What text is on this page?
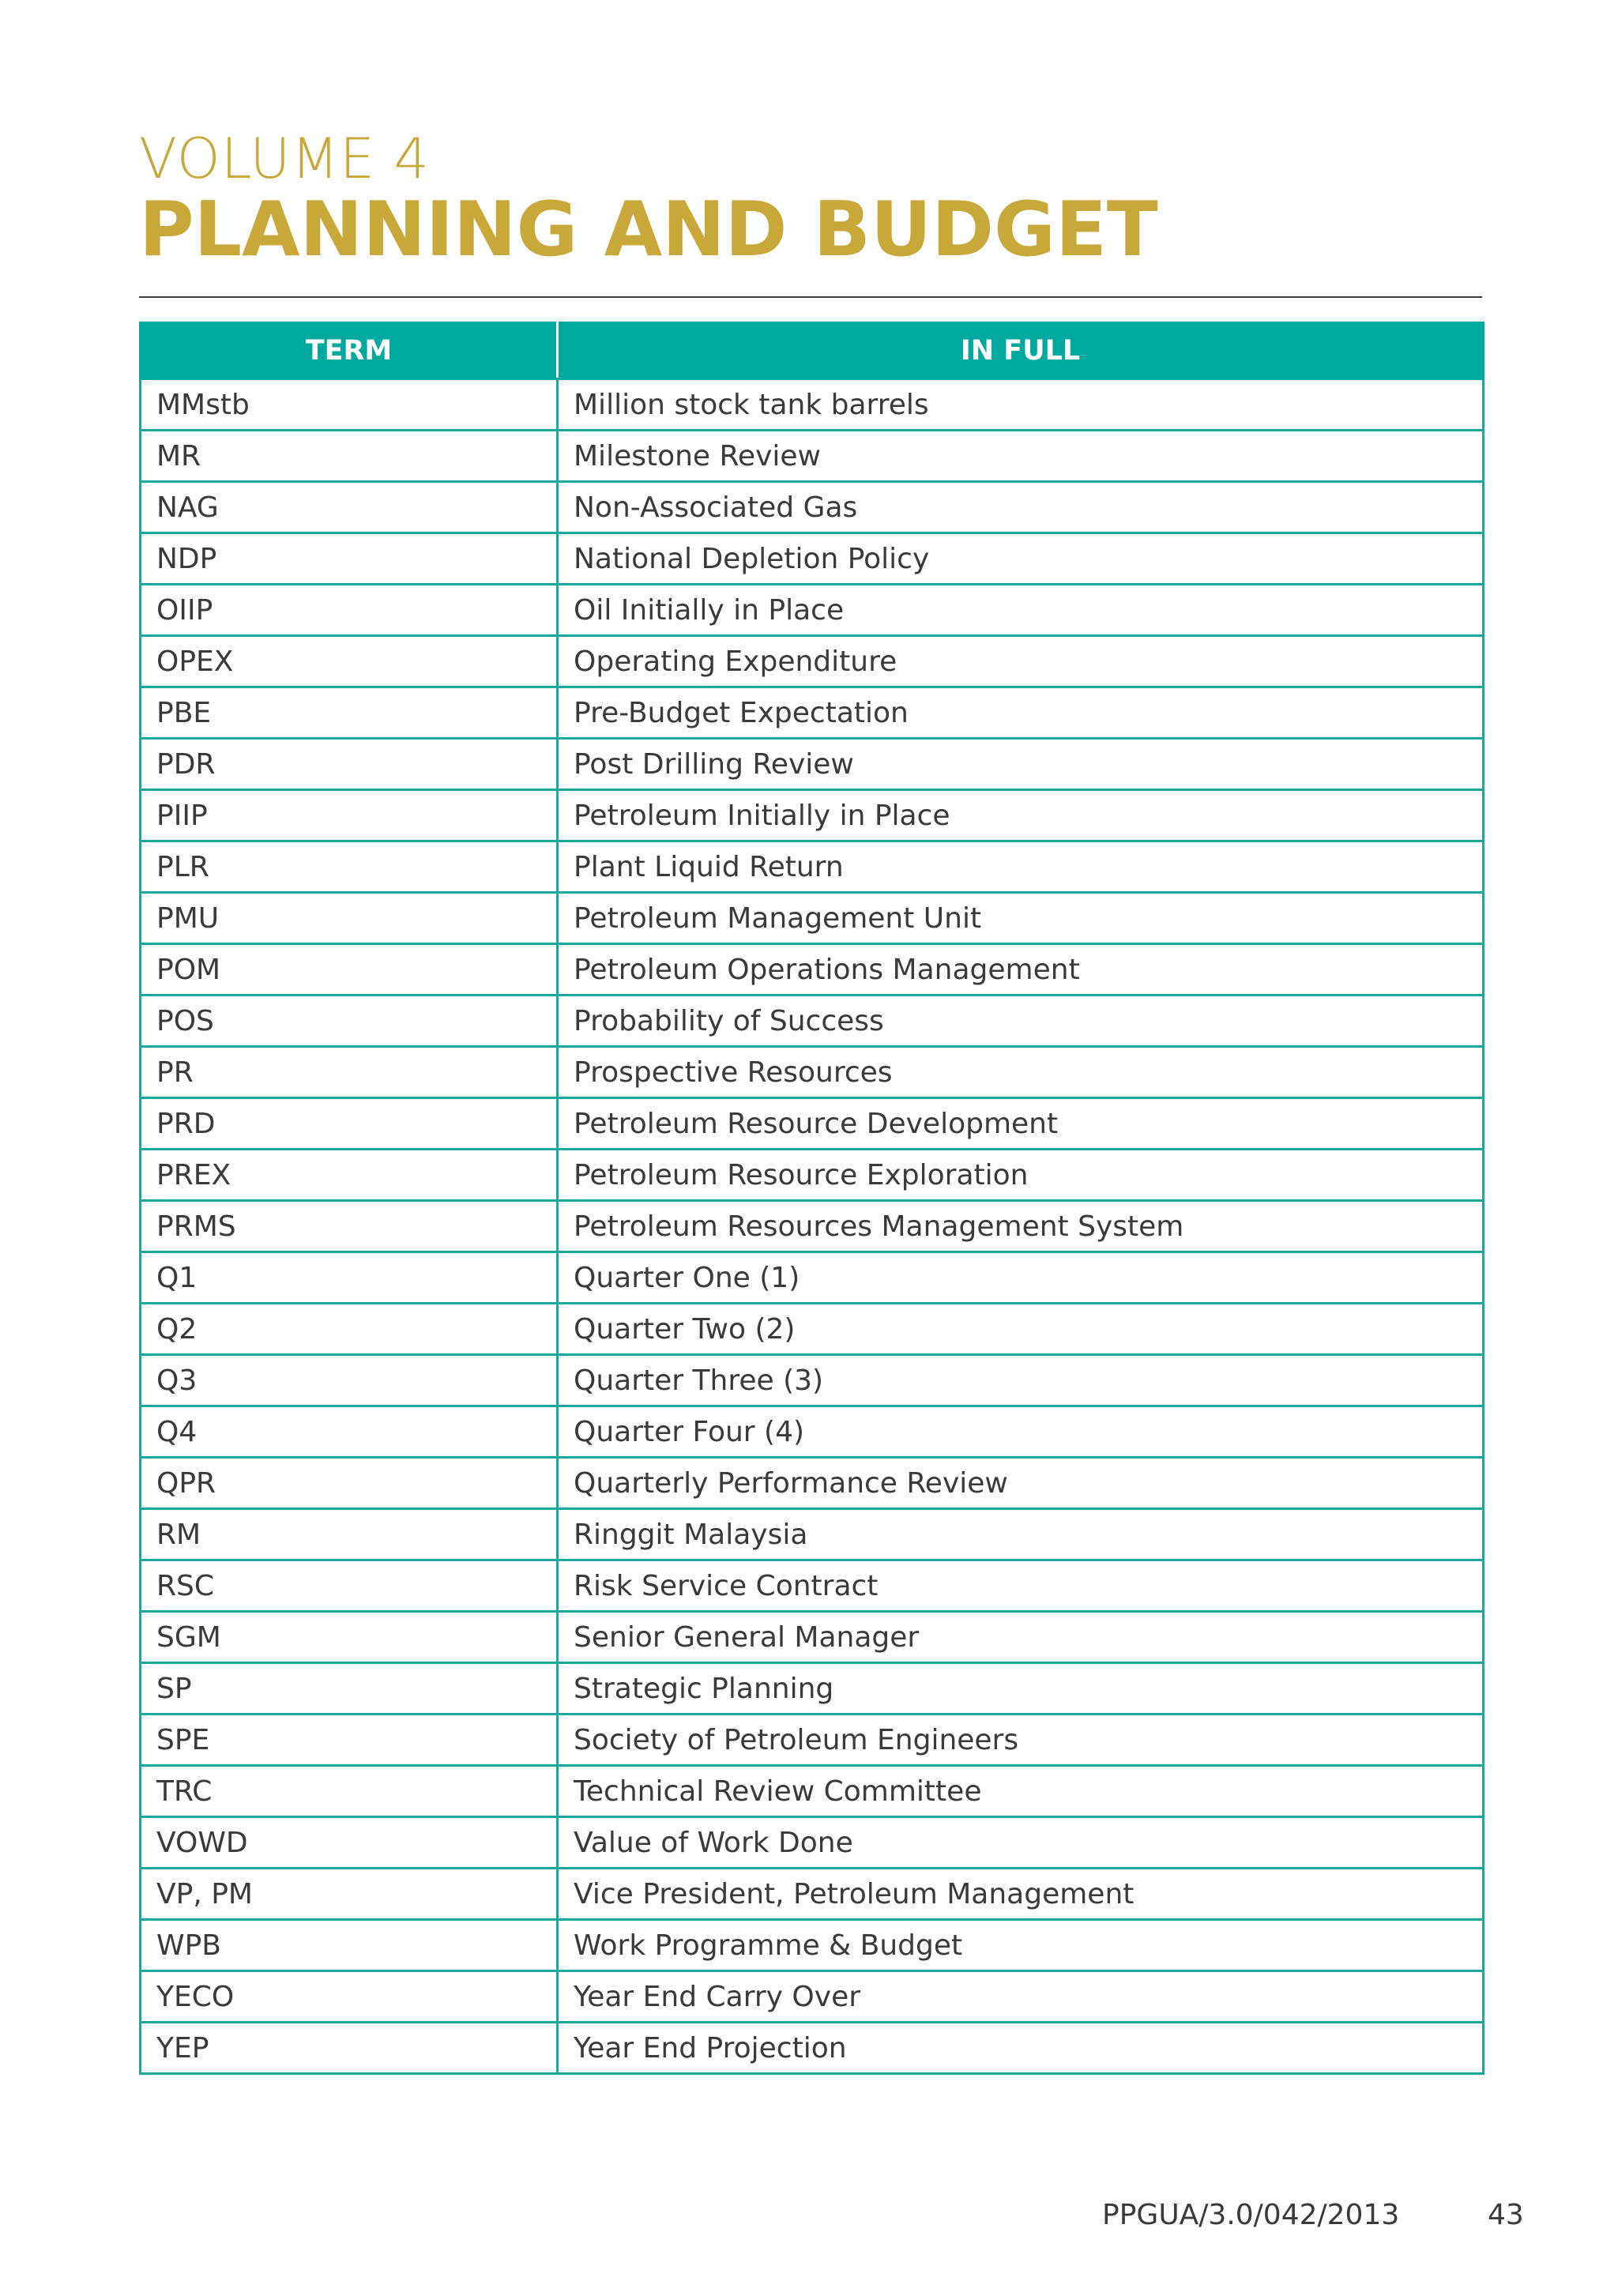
VOLUME 4
PLANNING AND BUDGET
TERM	IN FULL
MMstb	Million stock tank barrels
MR	Milestone Review
NAG	Non-Associated Gas
NDP	National Depletion Policy
OIIP	Oil Initially in Place
OPEX	Operating Expenditure
PBE	Pre-Budget Expectation
PDR	Post Drilling Review
PIIP	Petroleum Initially in Place
PLR	Plant Liquid Return
PMU	Petroleum Management Unit
POM	Petroleum Operations Management
POS	Probability of Success
PR	Prospective Resources
PRD	Petroleum Resource Development
PREX	Petroleum Resource Exploration
PRMS	Petroleum Resources Management System
Q1	Quarter One (1)
Q2	Quarter Two (2)
Q3	Quarter Three (3)
Q4	Quarter Four (4)
QPR	Quarterly Performance Review
RM	Ringgit Malaysia
RSC	Risk Service Contract
SGM	Senior General Manager
SP	Strategic Planning
SPE	Society of Petroleum Engineers
TRC	Technical Review Committee
VOWD	Value of Work Done
VP, PM	Vice President, Petroleum Management
WPB	Work Programme & Budget
YECO	Year End Carry Over
YEP	Year End Projection
PPGUA/3.0/042/2013	43
